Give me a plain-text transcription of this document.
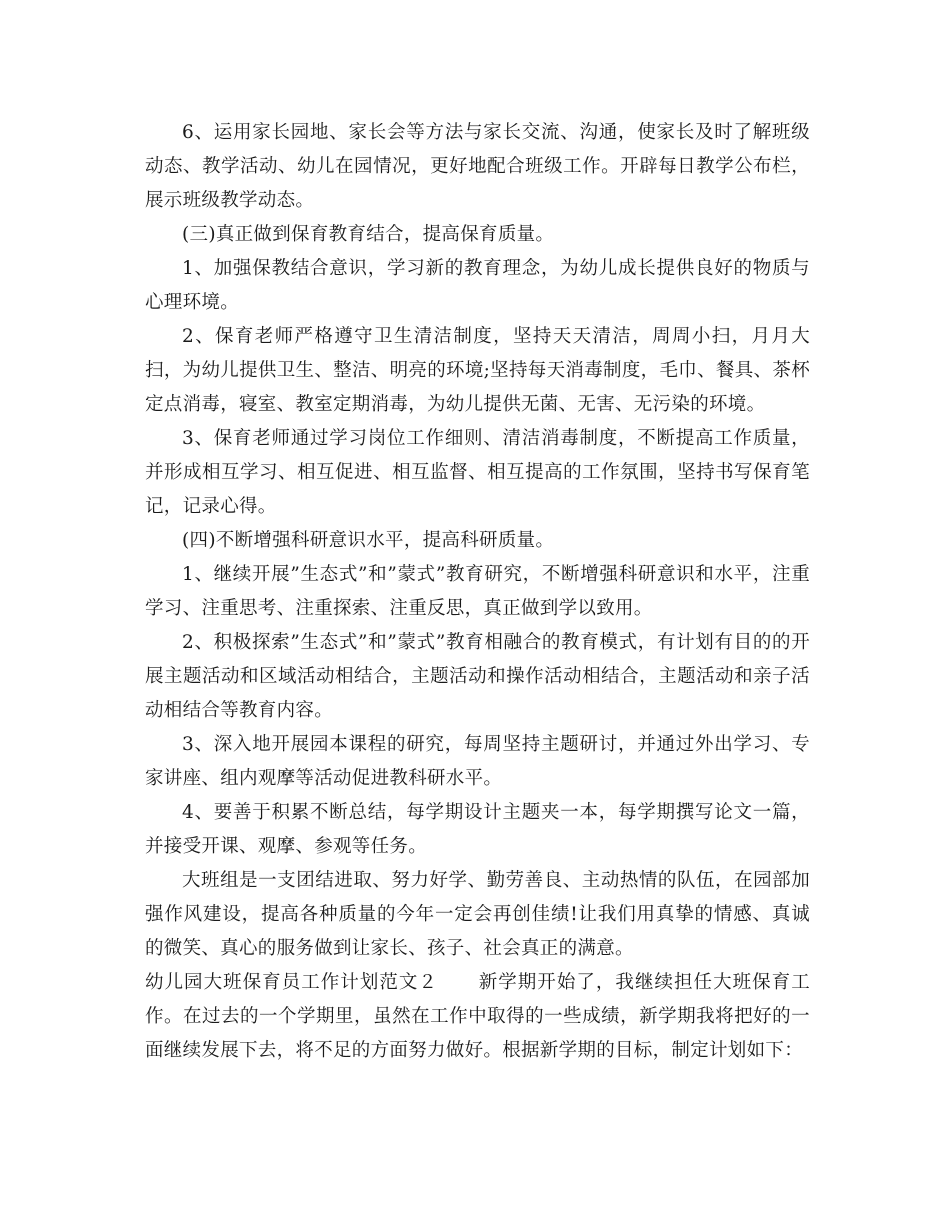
6、运用家长园地、家长会等方法与家长交流、沟通，使家长及时了解班级动态、教学活动、幼儿在园情况，更好地配合班级工作。开辟每日教学公布栏，展示班级教学动态。

(三)真正做到保育教育结合，提高保育质量。

1、加强保教结合意识，学习新的教育理念，为幼儿成长提供良好的物质与心理环境。

2、保育老师严格遵守卫生清洁制度，坚持天天清洁，周周小扫，月月大扫，为幼儿提供卫生、整洁、明亮的环境;坚持每天消毒制度，毛巾、餐具、茶杯定点消毒，寝室、教室定期消毒，为幼儿提供无菌、无害、无污染的环境。

3、保育老师通过学习岗位工作细则、清洁消毒制度，不断提高工作质量，并形成相互学习、相互促进、相互监督、相互提高的工作氛围，坚持书写保育笔记，记录心得。

(四)不断增强科研意识水平，提高科研质量。

1、继续开展”生态式”和”蒙式”教育研究，不断增强科研意识和水平，注重学习、注重思考、注重探索、注重反思，真正做到学以致用。

2、积极探索”生态式”和”蒙式”教育相融合的教育模式，有计划有目的的开展主题活动和区域活动相结合，主题活动和操作活动相结合，主题活动和亲子活动相结合等教育内容。

3、深入地开展园本课程的研究，每周坚持主题研讨，并通过外出学习、专家讲座、组内观摩等活动促进教科研水平。

4、要善于积累不断总结，每学期设计主题夹一本，每学期撰写论文一篇，并接受开课、观摩、参观等任务。

大班组是一支团结进取、努力好学、勤劳善良、主动热情的队伍，在园部加强作风建设，提高各种质量的今年一定会再创佳绩!让我们用真挚的情感、真诚的微笑、真心的服务做到让家长、孩子、社会真正的满意。

幼儿园大班保育员工作计划范文２ 新学期开始了，我继续担任大班保育工作。在过去的一个学期里，虽然在工作中取得的一些成绩，新学期我将把好的一面继续发展下去，将不足的方面努力做好。根据新学期的目标，制定计划如下：
